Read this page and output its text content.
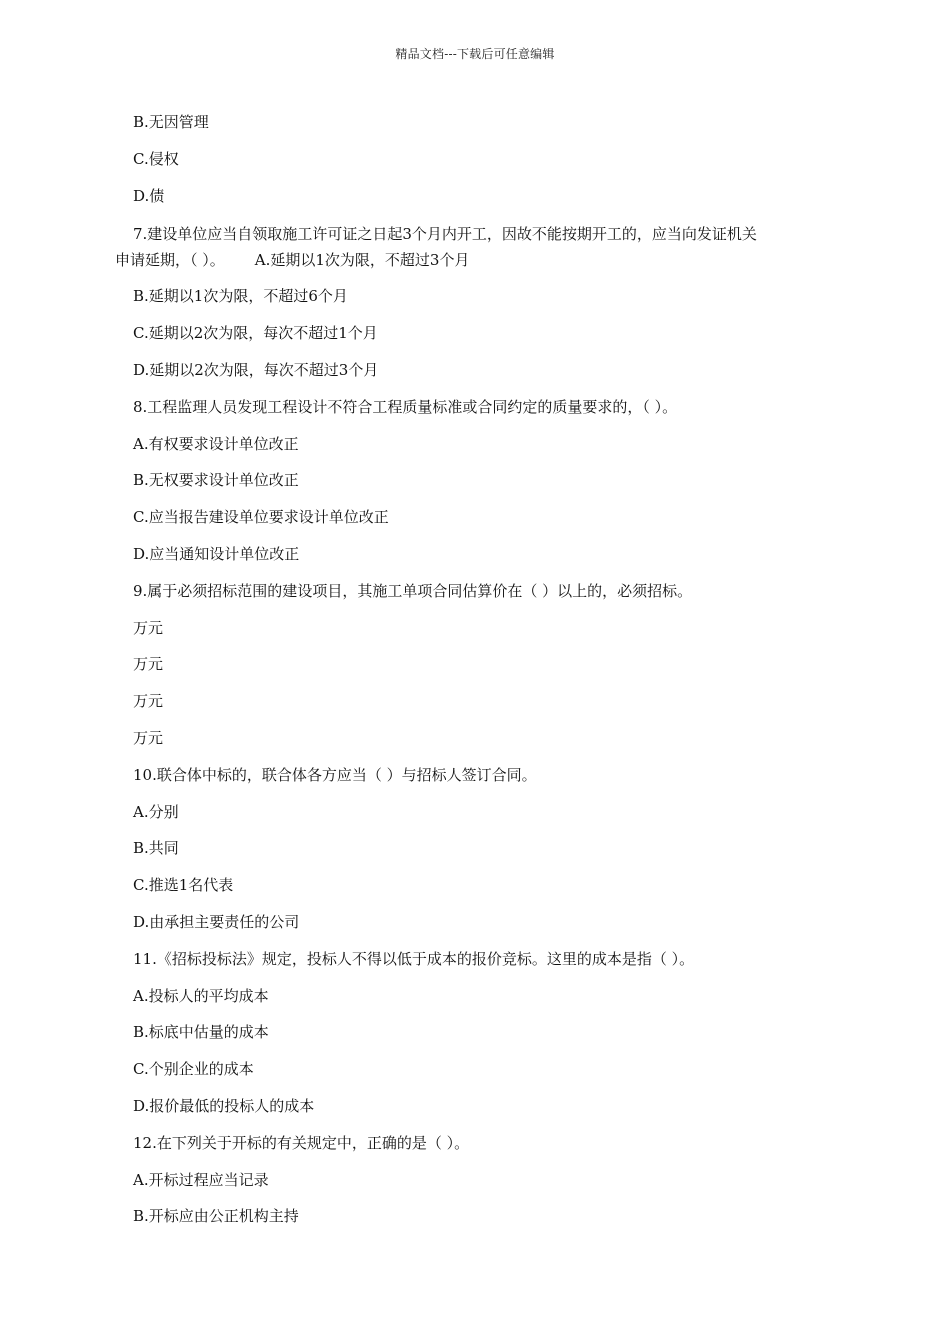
精品文档---下载后可任意编辑
B.无因管理
C.侵权
D.债
7.建设单位应当自领取施工许可证之日起3个月内开工，因故不能按期开工的，应当向发证机关
申请延期，（ ）。 A.延期以1次为限，不超过3个月
B.延期以1次为限，不超过6个月
C.延期以2次为限，每次不超过1个月
D.延期以2次为限，每次不超过3个月
8.工程监理人员发现工程设计不符合工程质量标准或合同约定的质量要求的，（ ）。
A.有权要求设计单位改正
B.无权要求设计单位改正
C.应当报告建设单位要求设计单位改正
D.应当通知设计单位改正
9.属于必须招标范围的建设项目，其施工单项合同估算价在（ ）以上的，必须招标。
万元
万元
万元
万元
10.联合体中标的，联合体各方应当（ ）与招标人签订合同。
A.分别
B.共同
C.推选1名代表
D.由承担主要责任的公司
11.《招标投标法》规定，投标人不得以低于成本的报价竞标。这里的成本是指（ ）。
A.投标人的平均成本
B.标底中估量的成本
C.个别企业的成本
D.报价最低的投标人的成本
12.在下列关于开标的有关规定中，正确的是（ ）。
A.开标过程应当记录
B.开标应由公正机构主持
